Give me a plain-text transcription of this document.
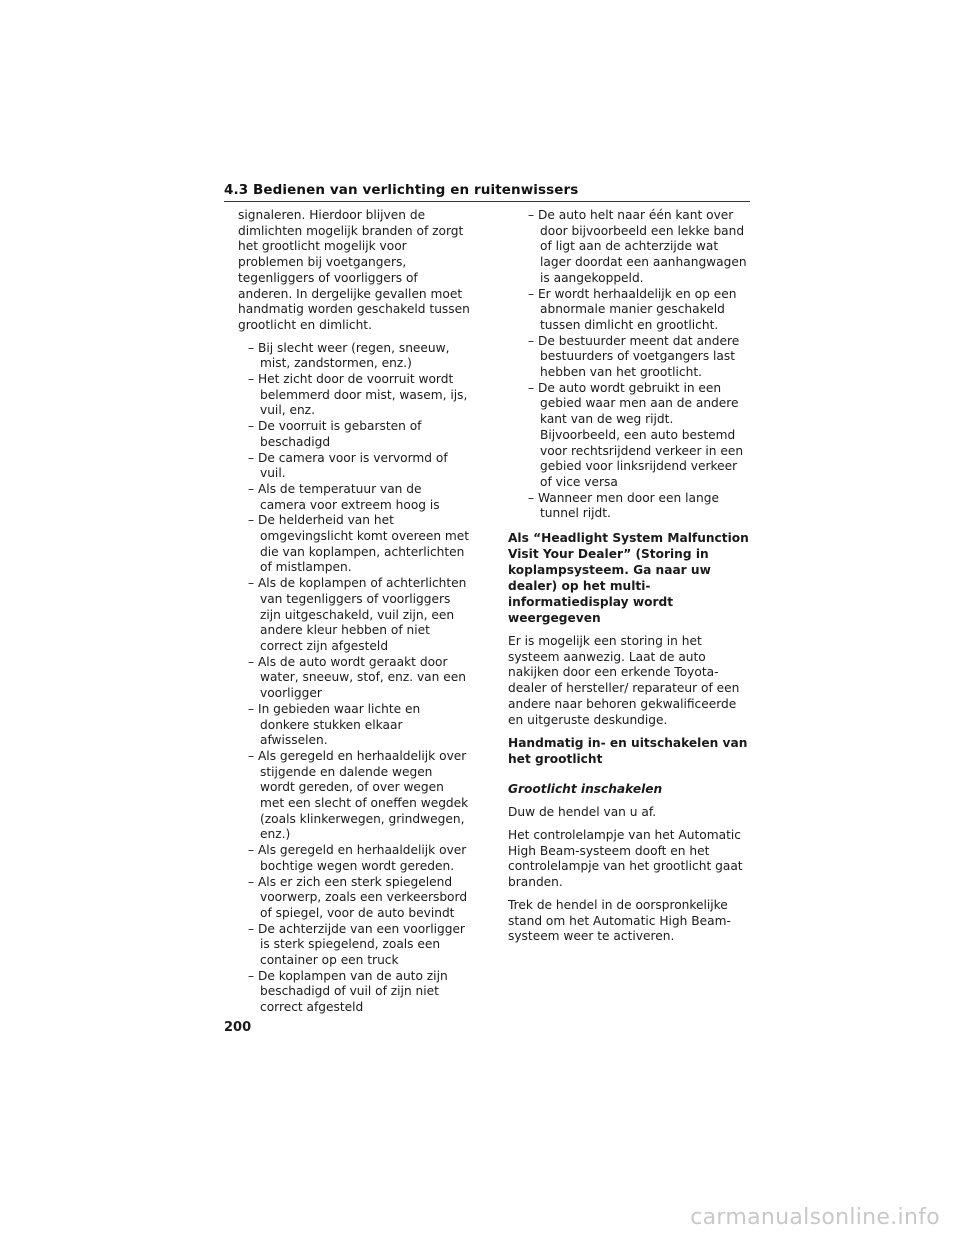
4.3 Bedienen van verlichting en ruitenwissers

signaleren. Hierdoor blijven de dimlichten mogelijk branden of zorgt het grootlicht mogelijk voor problemen bij voetgangers, tegenliggers of voorliggers of anderen. In dergelijke gevallen moet handmatig worden geschakeld tussen grootlicht en dimlicht.

– Bij slecht weer (regen, sneeuw, mist, zandstormen, enz.)
– Het zicht door de voorruit wordt belemmerd door mist, wasem, ijs, vuil, enz.
– De voorruit is gebarsten of beschadigd
– De camera voor is vervormd of vuil.
– Als de temperatuur van de camera voor extreem hoog is
– De helderheid van het omgevingslicht komt overeen met die van koplampen, achterlichten of mistlampen.
– Als de koplampen of achterlichten van tegenliggers of voorliggers zijn uitgeschakeld, vuil zijn, een andere kleur hebben of niet correct zijn afgesteld
– Als de auto wordt geraakt door water, sneeuw, stof, enz. van een voorligger
– In gebieden waar lichte en donkere stukken elkaar afwisselen.
– Als geregeld en herhaaldelijk over stijgende en dalende wegen wordt gereden, of over wegen met een slecht of oneffen wegdek (zoals klinkerwegen, grindwegen, enz.)
– Als geregeld en herhaaldelijk over bochtige wegen wordt gereden.
– Als er zich een sterk spiegelend voorwerp, zoals een verkeersbord of spiegel, voor de auto bevindt
– De achterzijde van een voorligger is sterk spiegelend, zoals een container op een truck
– De koplampen van de auto zijn beschadigd of vuil of zijn niet correct afgesteld
– De auto helt naar één kant over door bijvoorbeeld een lekke band of ligt aan de achterzijde wat lager doordat een aanhangwagen is aangekoppeld.
– Er wordt herhaaldelijk en op een abnormale manier geschakeld tussen dimlicht en grootlicht.
– De bestuurder meent dat andere bestuurders of voetgangers last hebben van het grootlicht.
– De auto wordt gebruikt in een gebied waar men aan de andere kant van de weg rijdt. Bijvoorbeeld, een auto bestemd voor rechtsrijdend verkeer in een gebied voor linksrijdend verkeer of vice versa
– Wanneer men door een lange tunnel rijdt.
Als “Headlight System Malfunction Visit Your Dealer” (Storing in koplampsysteem. Ga naar uw dealer) op het multi-informatiedisplay wordt weergegeven

Er is mogelijk een storing in het systeem aanwezig. Laat de auto nakijken door een erkende Toyota-dealer of hersteller/ reparateur of een andere naar behoren gekwalificeerde en uitgeruste deskundige.

Handmatig in- en uitschakelen van het grootlicht
Grootlicht inschakelen

Duw de hendel van u af.

Het controlelampje van het Automatic High Beam-systeem dooft en het controlelampje van het grootlicht gaat branden.

Trek de hendel in de oorspronkelijke stand om het Automatic High Beam-systeem weer te activeren.

200
carmanualsonline.info
